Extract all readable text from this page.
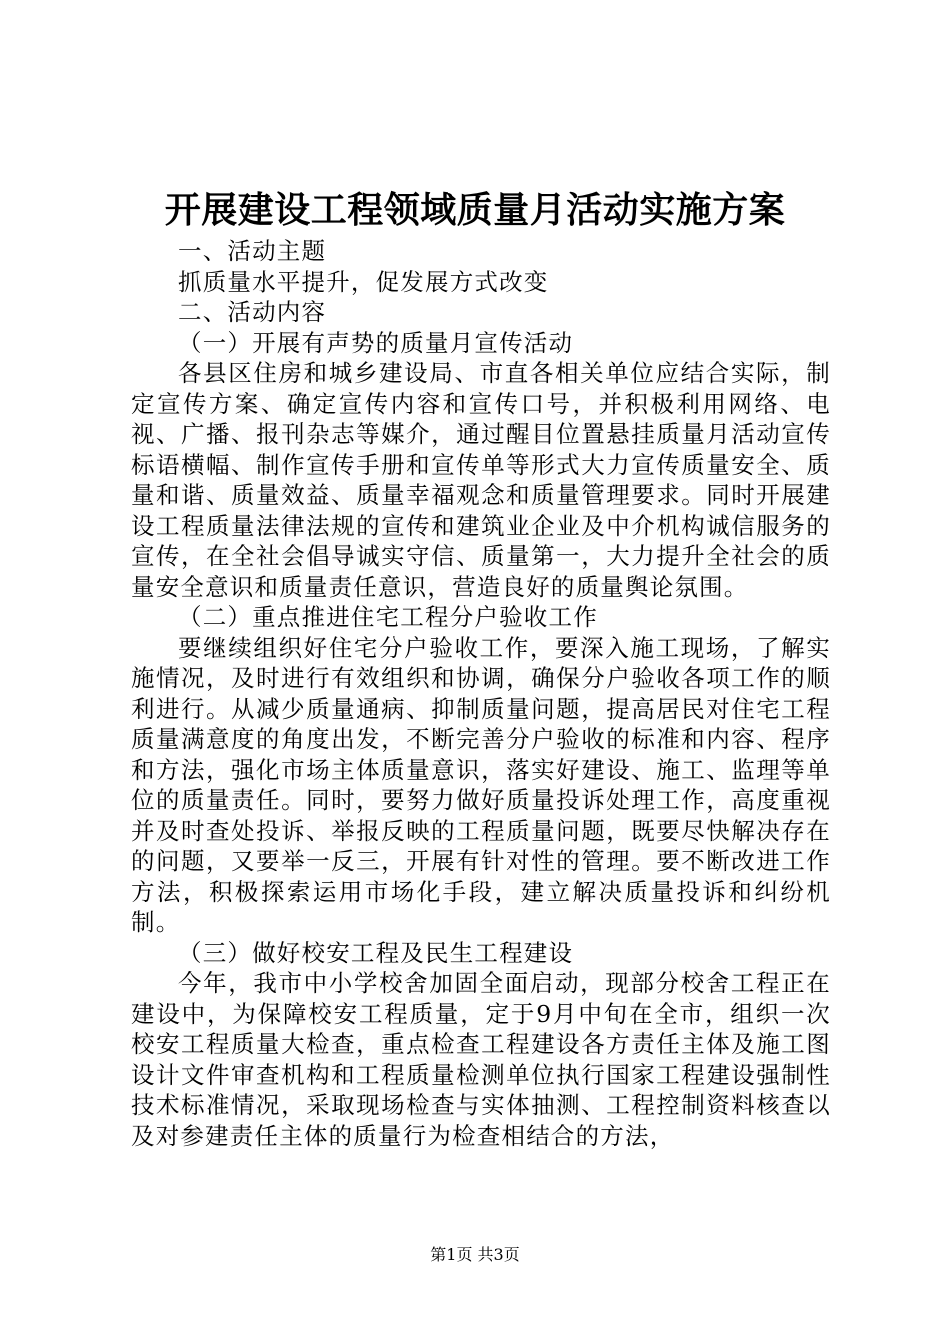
开展建设工程领域质量月活动实施方案

一、活动主题

抓质量水平提升，促发展方式改变

二、活动内容

（一）开展有声势的质量月宣传活动

各县区住房和城乡建设局、市直各相关单位应结合实际，制定宣传方案、确定宣传内容和宣传口号，并积极利用网络、电视、广播、报刊杂志等媒介，通过醒目位置悬挂质量月活动宣传标语横幅、制作宣传手册和宣传单等形式大力宣传质量安全、质量和谐、质量效益、质量幸福观念和质量管理要求。同时开展建设工程质量法律法规的宣传和建筑业企业及中介机构诚信服务的宣传，在全社会倡导诚实守信、质量第一，大力提升全社会的质量安全意识和质量责任意识，营造良好的质量舆论氛围。

（二）重点推进住宅工程分户验收工作

要继续组织好住宅分户验收工作，要深入施工现场，了解实施情况，及时进行有效组织和协调，确保分户验收各项工作的顺利进行。从减少质量通病、抑制质量问题，提高居民对住宅工程质量满意度的角度出发，不断完善分户验收的标准和内容、程序和方法，强化市场主体质量意识，落实好建设、施工、监理等单位的质量责任。同时，要努力做好质量投诉处理工作，高度重视并及时查处投诉、举报反映的工程质量问题，既要尽快解决存在的问题，又要举一反三，开展有针对性的管理。要不断改进工作方法，积极探索运用市场化手段，建立解决质量投诉和纠纷机制。

（三）做好校安工程及民生工程建设

今年，我市中小学校舍加固全面启动，现部分校舍工程正在建设中，为保障校安工程质量，定于9月中旬在全市，组织一次校安工程质量大检查，重点检查工程建设各方责任主体及施工图设计文件审查机构和工程质量检测单位执行国家工程建设强制性技术标准情况，采取现场检查与实体抽测、工程控制资料核查以及对参建责任主体的质量行为检查相结合的方法，

第1页 共3页
